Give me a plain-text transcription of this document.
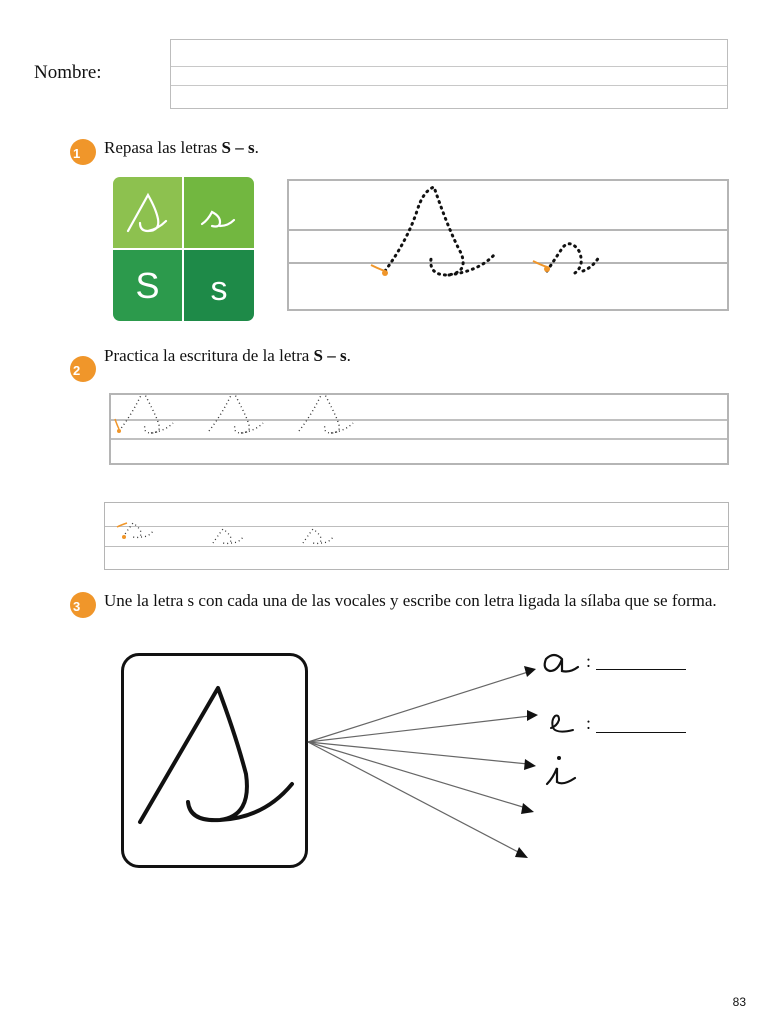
Nombre:
1	Repasa las letras S – s.
S	s
2
Practica la escritura de la letra S – s.
3	Une la letra s con cada una de las vocales y escribe con letra ligada la sílaba que se forma.
:
:
83
